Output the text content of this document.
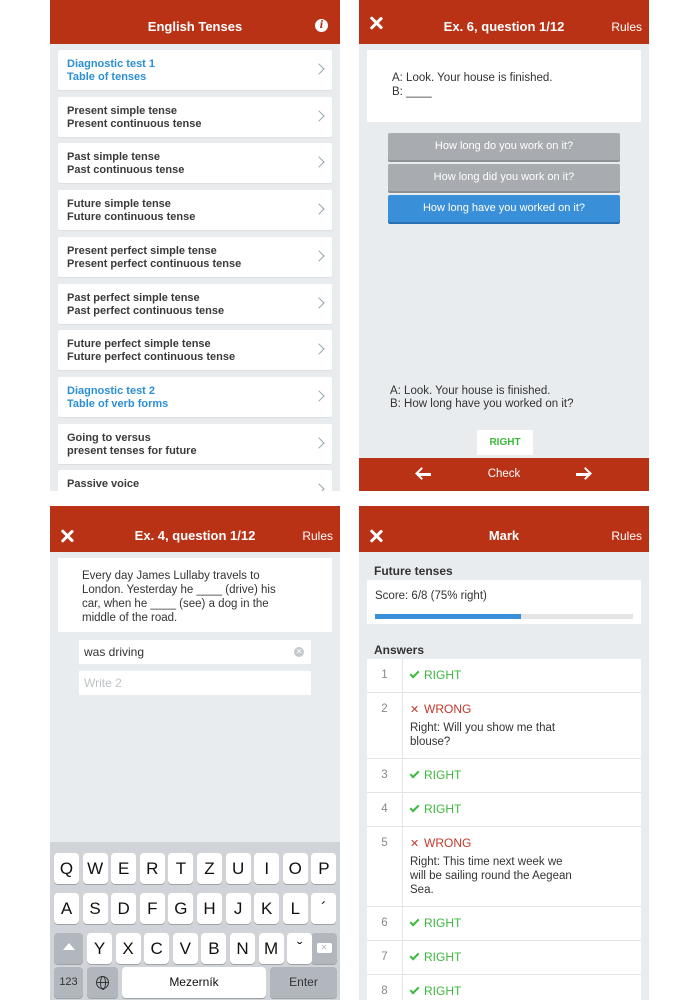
English Tenses	i
Diagnostic test 1
Table of tenses
Present simple tense
Present continuous tense
Past simple tense
Past continuous tense
Future simple tense
Future continuous tense
Present perfect simple tense
Present perfect continuous tense
Past perfect simple tense
Past perfect continuous tense
Future perfect simple tense
Future perfect continuous tense
Diagnostic test 2
Table of verb forms
Going to versus
present tenses for future
Passive voice
Ex. 6, question 1/12	Rules
A: Look. Your house is finished.
B: ____
How long do you work on it?
How long did you work on it?
How long have you worked on it?
A: Look. Your house is finished.
B: How long have you worked on it?
RIGHT
Check
Ex. 4, question 1/12	Rules
Every day James Lullaby travels to
London. Yesterday he ____ (drive) his
car, when he ____ (see) a dog in the
middle of the road.
was driving	✕
Write 2
✕
123	Mezerník	Enter
Q W E R	T	Z	U	I	O P
A	S D	F G H	J	K	L	´
Y	X C V	B N M	ˇ
Mark	Rules
Future tenses
Score: 6/8 (75% right)
Answers
1	RIGHT
2	✕ WRONG
Right: Will you show me that
blouse?
3	RIGHT
4	RIGHT
5	✕ WRONG
Right: This time next week we
will be sailing round the Aegean
Sea.
6	RIGHT
7	RIGHT
8	RIGHT
